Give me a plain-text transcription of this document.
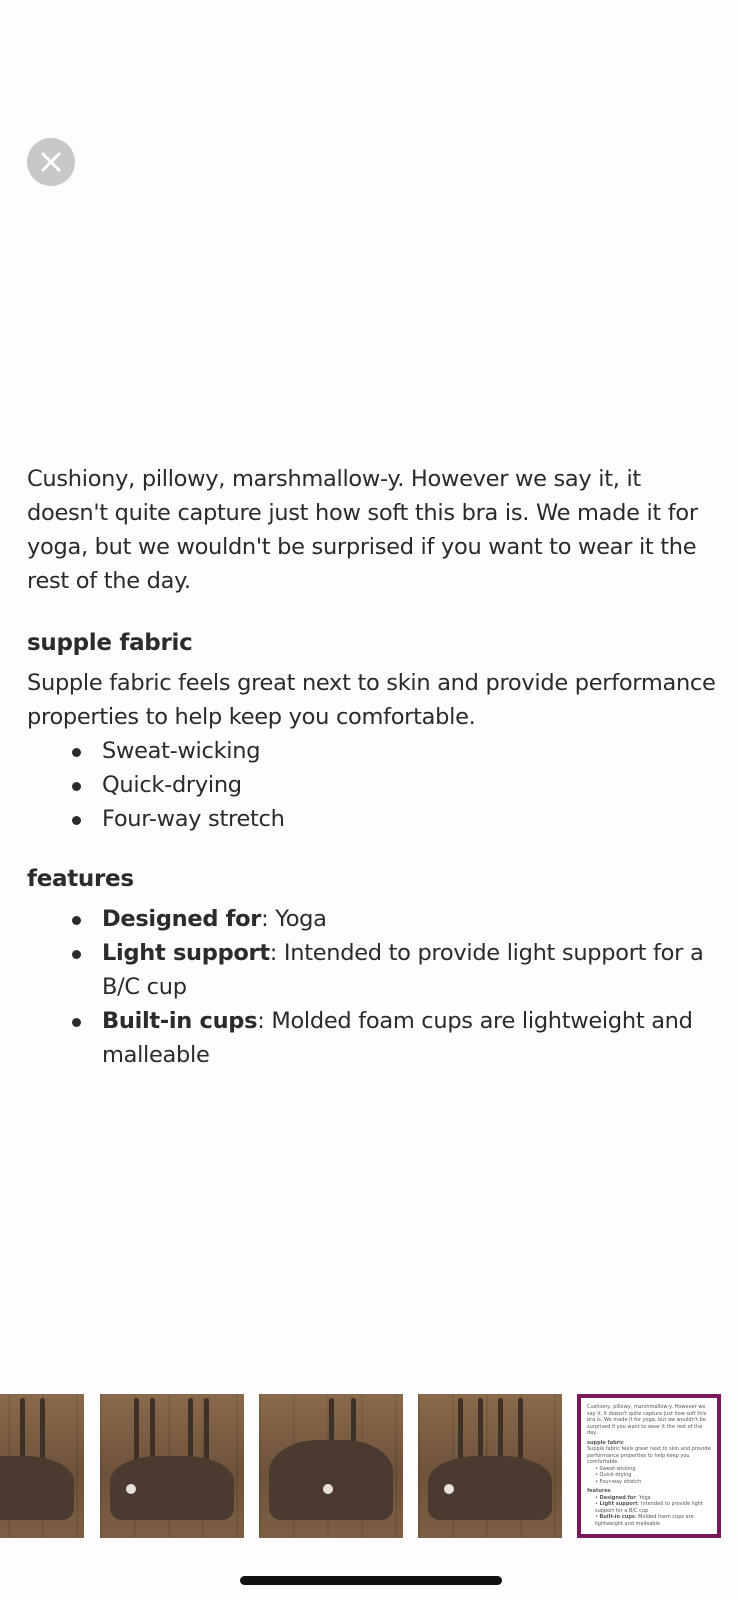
Cushiony, pillowy, marshmallow-y. However we say it, it doesn't quite capture just how soft this bra is. We made it for yoga, but we wouldn't be surprised if you want to wear it the rest of the day.

supple fabric

Supple fabric feels great next to skin and provide performance properties to help keep you comfortable.

Sweat-wicking
Quick-drying
Four-way stretch
features
Designed for: Yoga
Light support: Intended to provide light support for a B/C cup
Built-in cups: Molded foam cups are lightweight and malleable

Cushiony, pillowy, marshmallow-y. However we say it, it doesn't quite capture just how soft this bra is. We made it for yoga, but we wouldn't be surprised if you want to wear it the rest of the day.

supple fabric

Supple fabric feels great next to skin and provide performance properties to help keep you comfortable.

• Sweat-wicking

• Quick-drying

• Four-way stretch

features

• Designed for: Yoga

• Light support: Intended to provide light support for a B/C cup

• Built-in cups: Molded foam cups are lightweight and malleable
